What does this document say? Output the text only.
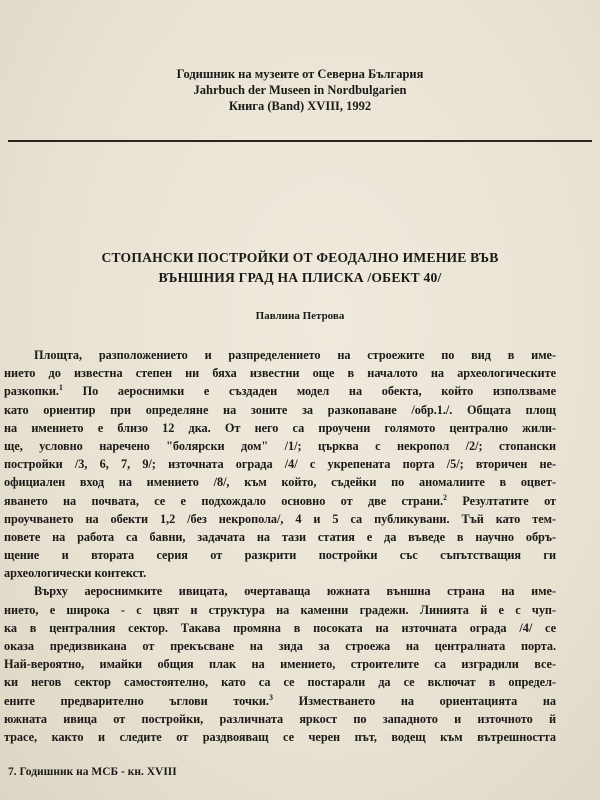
Годишник на музеите от Северна България
Jahrbuch der Museen in Nordbulgarien
Книга (Band) XVIII, 1992
СТОПАНСКИ ПОСТРОЙКИ ОТ ФЕОДАЛНО ИМЕНИЕ ВЪВ
ВЪНШНИЯ ГРАД НА ПЛИСКА /ОБЕКТ 40/
Павлина Петрова
Площта, разположението и разпределението на строежите по вид в име-
нието до известна степен ни бяха известни още в началото на археологическите
разкопки.$^1$ По аероснимки е създаден модел на обекта, който използваме
като ориентир при определяне на зоните за разкопаване /обр.1./. Общата площ
на имението е близо 12 дка. От него са проучени голямото централно жили-
ще, условно наречено "болярски дом" /1/; църква с некропол /2/; стопански
постройки /3, 6, 7, 9/; източната ограда /4/ с укрепената порта /5/; вторичен не-
официален вход на имението /8/, към който, съдейки по аномалиите в оцвет-
яването на почвата, се е подхождало основно от две страни.$^2$ Резултатите от
проучването на обекти 1,2 /без некропола/, 4 и 5 са публикувани. Тъй като тем-
повете на работа са бавни, задачата на тази статия е да въведе в научно обръ-
щение и втората серия от разкрити постройки със съпътстващия ги
археологически контекст.
Върху аероснимките ивицата, очертаваща южната външна страна на име-
нието, е широка - с цвят и структура на каменни градежи. Линията й е с чуп-
ка в централния сектор. Такава промяна в посоката на източната ограда /4/ се
оказа предизвикана от прекъсване на зида за строежа на централната порта.
Най-вероятно, имайки общия плак на имението, строителите са изградили все-
ки негов сектор самостоятелно, като са се постарали да се включат в определ-
ените предварително ъглови точки.$^3$ Изместването на ориентацията на
южната ивица от постройки, различната яркост по западното и източното й
трасе, както и следите от раздвояващ се черен път, водещ към вътрешността
7. Годишник на МСБ - кн. XVIII
